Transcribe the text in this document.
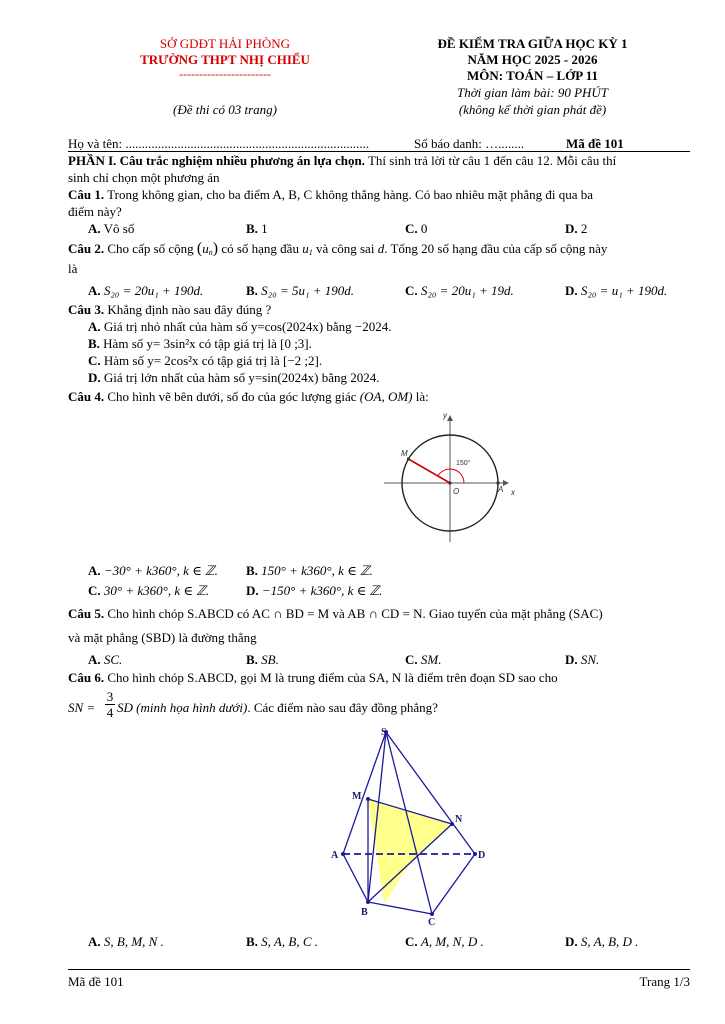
SỞ GDĐT HẢI PHÒNG
TRƯỜNG THPT NHỊ CHIỂU
-----------------------
(Đề thi có 03 trang)
ĐỀ KIỂM TRA GIỮA HỌC KỲ 1
NĂM HỌC 2025 - 2026
MÔN: TOÁN – LỚP 11
Thời gian làm bài: 90 PHÚT
(không kể thời gian phát đề)
Họ và tên: ...........................................................................	Số báo danh: …........	Mã đề 101
PHẦN I. Câu trắc nghiệm nhiều phương án lựa chọn. Thí sinh trả lời từ câu 1 đến câu 12. Mỗi câu thí
sinh chỉ chọn một phương án
Câu 1. Trong không gian, cho ba điểm A, B, C không thẳng hàng. Có bao nhiêu mặt phẳng đi qua ba
điểm này?
A. Vô số	B. 1	C. 0	D. 2
Câu 2. Cho cấp số cộng $(u_n)$ có số hạng đầu $u_1$ và công sai d. Tổng 20 số hạng đầu của cấp số cộng này
là
A. S₂₀ = 20u₁ + 190d.	B. S₂₀ = 5u₁ + 190d.	C. S₂₀ = 20u₁ + 19d.	D. S₂₀ = u₁ + 190d.
Câu 3. Khẳng định nào sau đây đúng ?
A. Giá trị nhỏ nhất của hàm số y=cos(2024x) bằng −2024.
B. Hàm số y= 3sin²x có tập giá trị là [0 ;3].
C. Hàm số y= 2cos²x có tập giá trị là [−2 ;2].
D. Giá trị lớn nhất của hàm số y=sin(2024x) bằng 2024.
Câu 4. Cho hình vẽ bên dưới, số đo của góc lượng giác (OA, OM) là:
y
x
M
O	A
150°
A. −30° + k360°, k ∈ ℤ. B. 150° + k360°, k ∈ ℤ.
C. 30° + k360°, k ∈ ℤ.	D. −150° + k360°, k ∈ ℤ.
Câu 5. Cho hình chóp S.ABCD có AC ∩ BD = M và AB ∩ CD = N. Giao tuyến của mặt phẳng (SAC)
và mặt phẳng (SBD) là đường thẳng
A. SC.	B. SB.	C. SM.	D. SN.
Câu 6. Cho hình chóp S.ABCD, gọi M là trung điểm của SA, N là điểm trên đoạn SD sao cho
SN =
3
4 SD (minh họa hình dưới). Các điểm nào sau đây đồng phẳng?
S
M
N
A	D
B
C
A. S, B, M, N .	B. S, A, B, C .	C. A, M, N, D .	D. S, A, B, D .
Mã đề 101	Trang 1/3
